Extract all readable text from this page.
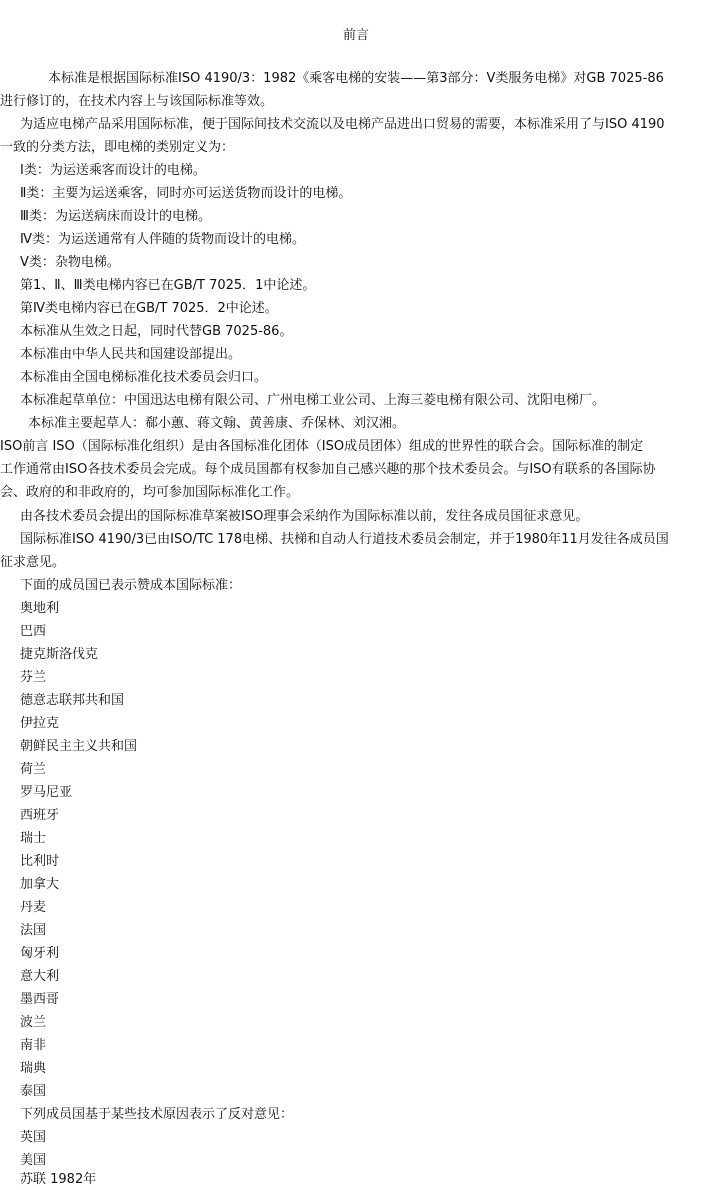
前言
本标准是根据国际标准ISO 4190/3：1982《乘客电梯的安装——第3部分：Ⅴ类服务电梯》对GB 7025-86
进行修订的，在技术内容上与该国际标准等效。
为适应电梯产品采用国际标准，便于国际间技术交流以及电梯产品进出口贸易的需要，本标准采用了与ISO 4190
一致的分类方法，即电梯的类别定义为：
Ⅰ类：为运送乘客而设计的电梯。
Ⅱ类：主要为运送乘客，同时亦可运送货物而设计的电梯。
Ⅲ类：为运送病床而设计的电梯。
Ⅳ类：为运送通常有人伴随的货物而设计的电梯。
Ⅴ类：杂物电梯。
第1、Ⅱ、Ⅲ类电梯内容已在GB/T 7025．1中论述。
第Ⅳ类电梯内容已在GB/T 7025．2中论述。
本标准从生效之日起，同时代替GB 7025-86。
本标准由中华人民共和国建设部提出。
本标准由全国电梯标准化技术委员会归口。
本标准起草单位：中国迅达电梯有限公司、广州电梯工业公司、上海三菱电梯有限公司、沈阳电梯厂。
本标准主要起草人：郗小蕙、蒋文翰、黄善康、乔保林、刘汉湘。
ISO前言 ISO（国际标准化组织）是由各国标准化团体（ISO成员团体）组成的世界性的联合会。国际标准的制定
工作通常由ISO各技术委员会完成。每个成员国都有权参加自己感兴趣的那个技术委员会。与ISO有联系的各国际协
会、政府的和非政府的，均可参加国际标准化工作。
由各技术委员会提出的国际标准草案被ISO理事会采纳作为国际标准以前，发往各成员国征求意见。
国际标准ISO 4190/3已由ISO/TC 178电梯、扶梯和自动人行道技术委员会制定，并于1980年11月发往各成员国
征求意见。
下面的成员国已表示赞成本国际标准：
奥地利
巴西
捷克斯洛伐克
芬兰
德意志联邦共和国
伊拉克
朝鲜民主主义共和国
荷兰
罗马尼亚
西班牙
瑞士
比利时
加拿大
丹麦
法国
匈牙利
意大利
墨西哥
波兰
南非
瑞典
泰国
下列成员国基于某些技术原因表示了反对意见：
英国
美国
苏联 1982年
